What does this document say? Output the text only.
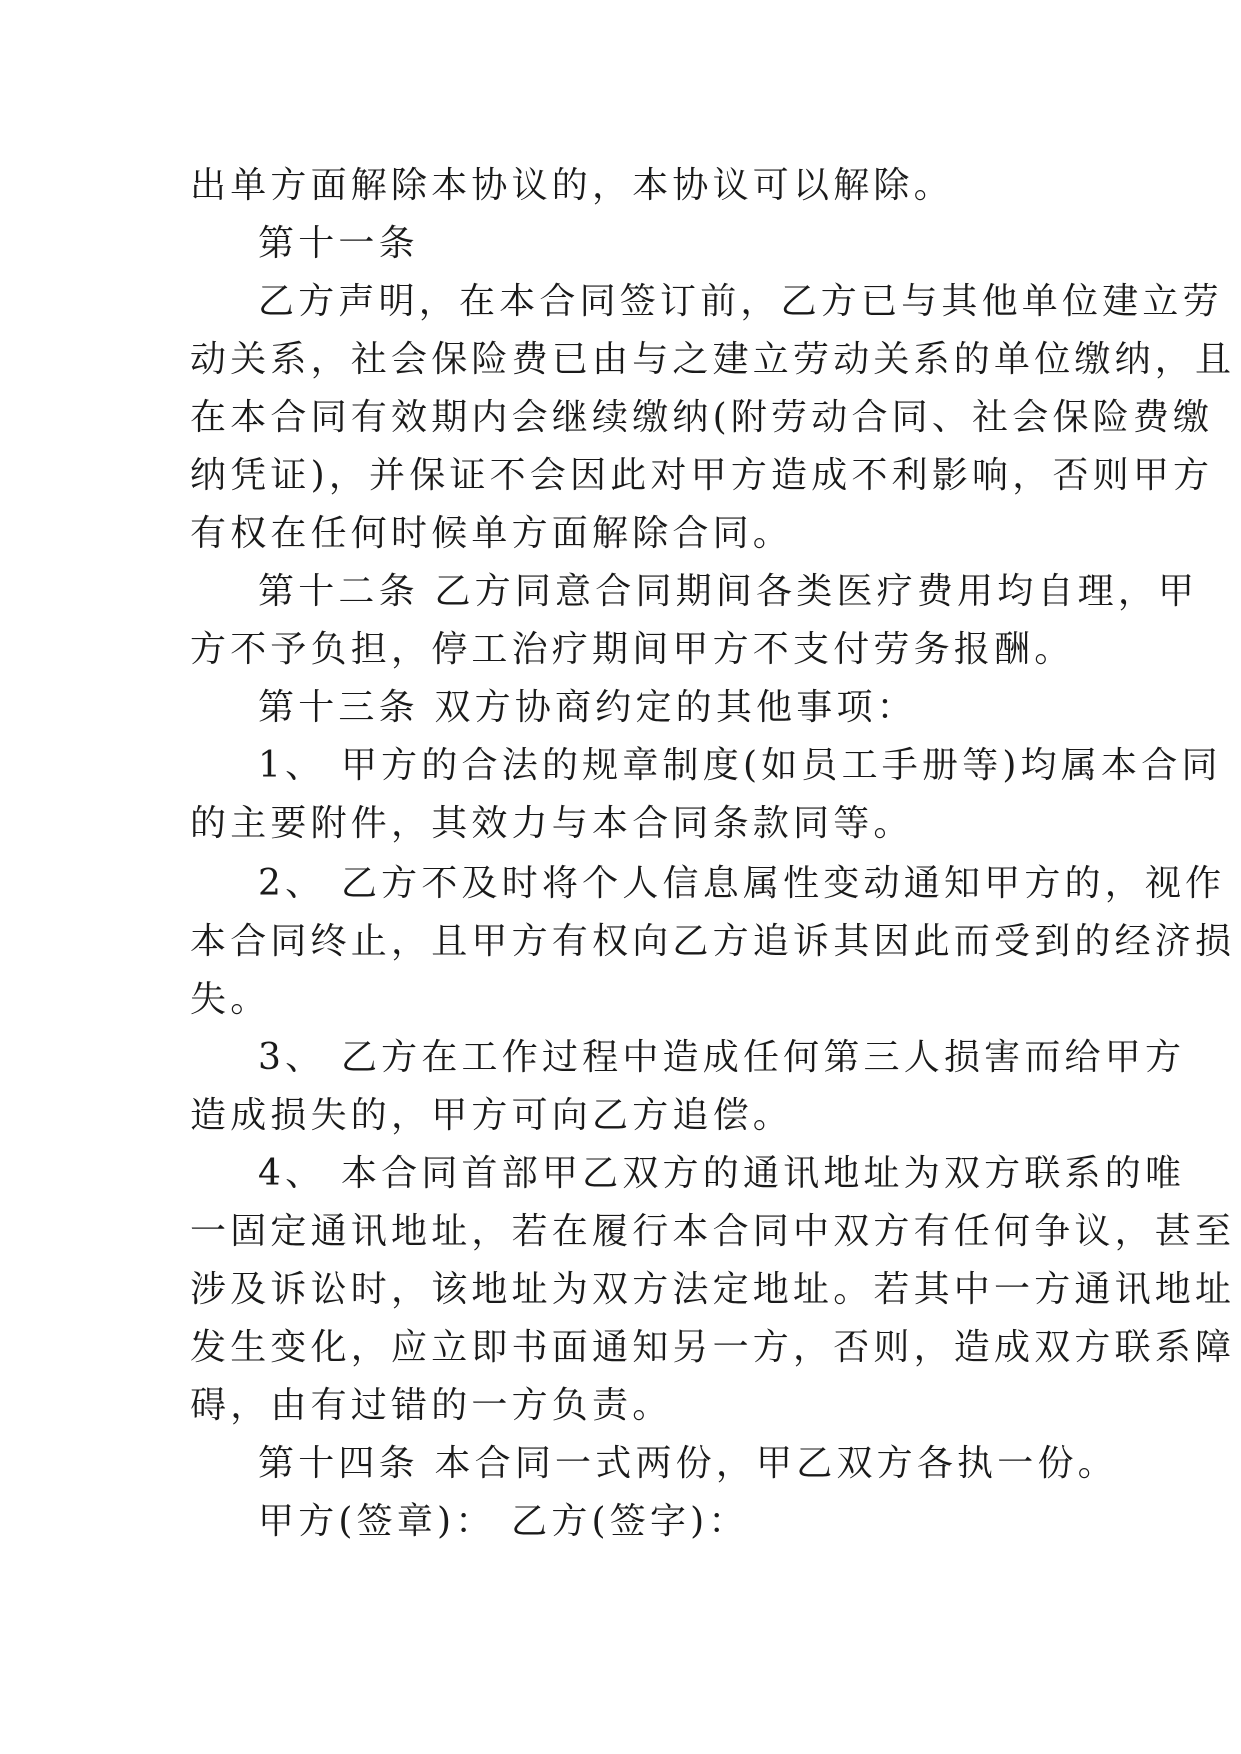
出单方面解除本协议的，本协议可以解除。
第十一条
乙方声明，在本合同签订前，乙方已与其他单位建立劳
动关系，社会保险费已由与之建立劳动关系的单位缴纳，且
在本合同有效期内会继续缴纳(附劳动合同、社会保险费缴
纳凭证)，并保证不会因此对甲方造成不利影响，否则甲方
有权在任何时候单方面解除合同。
第十二条 乙方同意合同期间各类医疗费用均自理，甲
方不予负担，停工治疗期间甲方不支付劳务报酬。
第十三条 双方协商约定的其他事项：
1、 甲方的合法的规章制度(如员工手册等)均属本合同
的主要附件，其效力与本合同条款同等。
2、 乙方不及时将个人信息属性变动通知甲方的，视作
本合同终止，且甲方有权向乙方追诉其因此而受到的经济损
失。
3、 乙方在工作过程中造成任何第三人损害而给甲方
造成损失的，甲方可向乙方追偿。
4、 本合同首部甲乙双方的通讯地址为双方联系的唯
一固定通讯地址，若在履行本合同中双方有任何争议，甚至
涉及诉讼时，该地址为双方法定地址。若其中一方通讯地址
发生变化，应立即书面通知另一方，否则，造成双方联系障
碍，由有过错的一方负责。
第十四条 本合同一式两份，甲乙双方各执一份。
甲方(签章)： 乙方(签字)：
